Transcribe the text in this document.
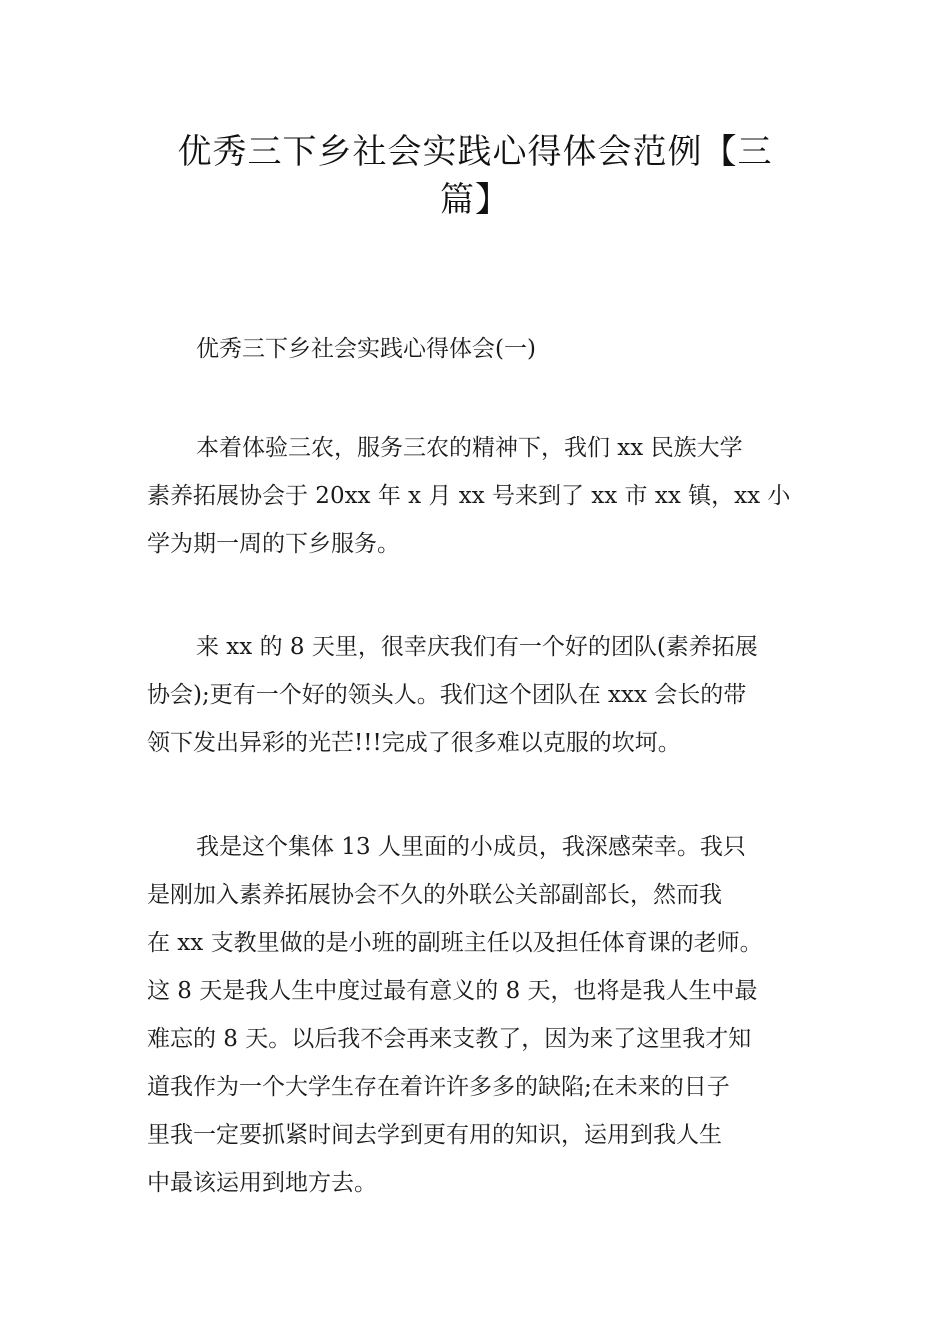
优秀三下乡社会实践心得体会范例【三
篇】
优秀三下乡社会实践心得体会(一)
本着体验三农，服务三农的精神下，我们 xx 民族大学
素养拓展协会于 20xx 年 x 月 xx 号来到了 xx 市 xx 镇，xx 小
学为期一周的下乡服务。
来 xx 的 8 天里，很幸庆我们有一个好的团队(素养拓展
协会);更有一个好的领头人。我们这个团队在 xxx 会长的带
领下发出异彩的光芒!!!完成了很多难以克服的坎坷。
我是这个集体 13 人里面的小成员，我深感荣幸。我只
是刚加入素养拓展协会不久的外联公关部副部长，然而我
在 xx 支教里做的是小班的副班主任以及担任体育课的老师。
这 8 天是我人生中度过最有意义的 8 天，也将是我人生中最
难忘的 8 天。以后我不会再来支教了，因为来了这里我才知
道我作为一个大学生存在着许许多多的缺陷;在未来的日子
里我一定要抓紧时间去学到更有用的知识，运用到我人生
中最该运用到地方去。
